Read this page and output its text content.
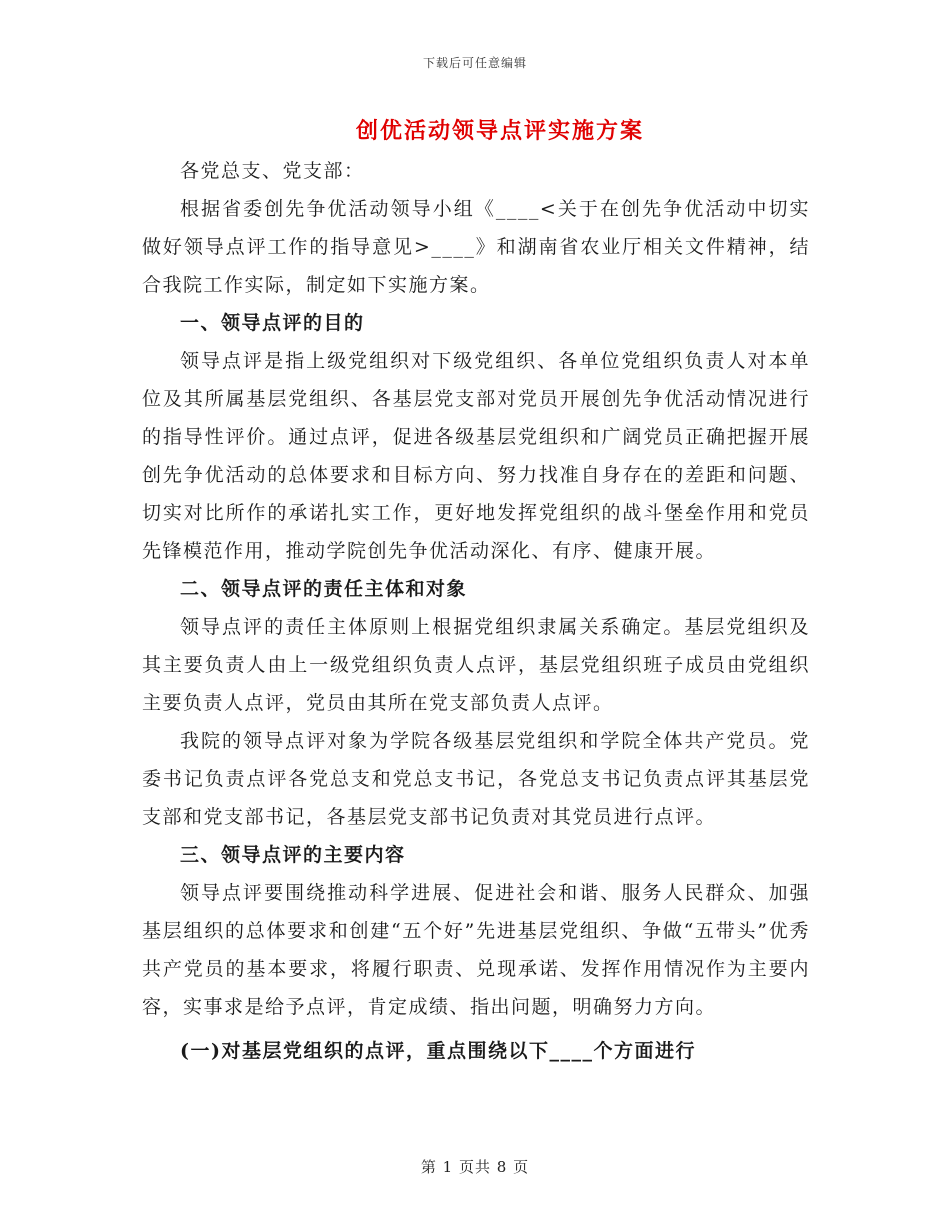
下载后可任意编辑
创优活动领导点评实施方案

各党总支、党支部：

根据省委创先争优活动领导小组《____<关于在创先争优活动中切实做好领导点评工作的指导意见>____》和湖南省农业厅相关文件精神，结合我院工作实际，制定如下实施方案。

一、领导点评的目的

领导点评是指上级党组织对下级党组织、各单位党组织负责人对本单位及其所属基层党组织、各基层党支部对党员开展创先争优活动情况进行的指导性评价。通过点评，促进各级基层党组织和广阔党员正确把握开展创先争优活动的总体要求和目标方向、努力找准自身存在的差距和问题、切实对比所作的承诺扎实工作，更好地发挥党组织的战斗堡垒作用和党员先锋模范作用，推动学院创先争优活动深化、有序、健康开展。

二、领导点评的责任主体和对象

领导点评的责任主体原则上根据党组织隶属关系确定。基层党组织及其主要负责人由上一级党组织负责人点评，基层党组织班子成员由党组织主要负责人点评，党员由其所在党支部负责人点评。

我院的领导点评对象为学院各级基层党组织和学院全体共产党员。党委书记负责点评各党总支和党总支书记，各党总支书记负责点评其基层党支部和党支部书记，各基层党支部书记负责对其党员进行点评。

三、领导点评的主要内容

领导点评要围绕推动科学进展、促进社会和谐、服务人民群众、加强基层组织的总体要求和创建“五个好”先进基层党组织、争做“五带头”优秀共产党员的基本要求，将履行职责、兑现承诺、发挥作用情况作为主要内容，实事求是给予点评，肯定成绩、指出问题，明确努力方向。

(一)对基层党组织的点评，重点围绕以下____个方面进行

第 1 页共 8 页
